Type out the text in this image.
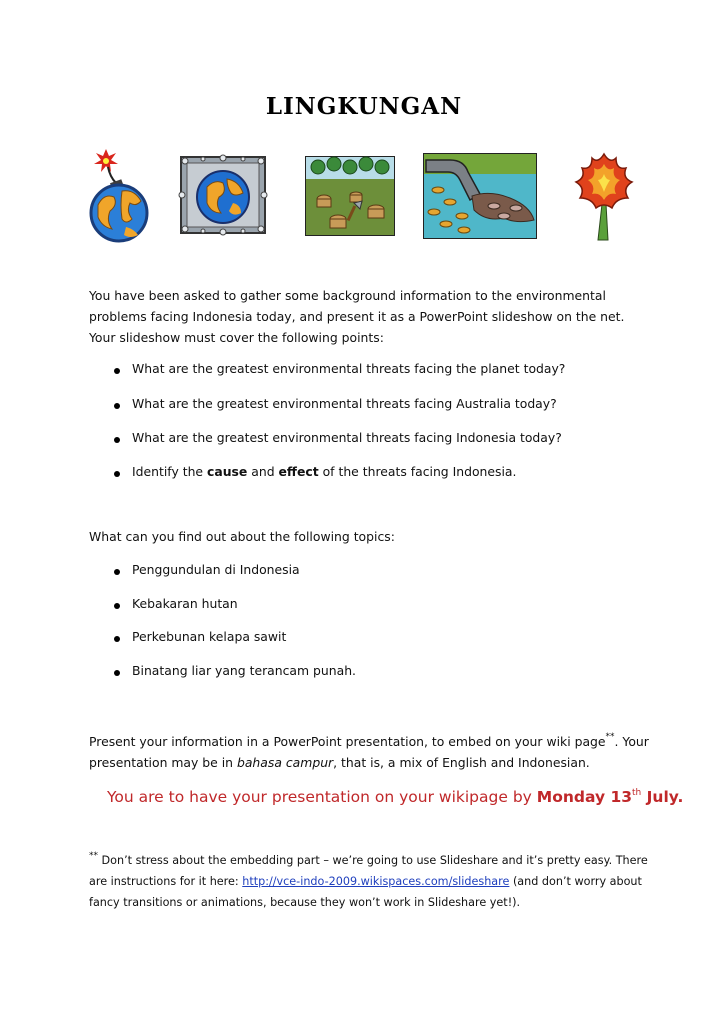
LINGKUNGAN
You have been asked to gather some background information to the environmental problems facing Indonesia today, and present it as a PowerPoint slideshow on the net. Your slideshow must cover the following points:
What are the greatest environmental threats facing the planet today?
What are the greatest environmental threats facing Australia today?
What are the greatest environmental threats facing Indonesia today?
Identify the cause and effect of the threats facing Indonesia.
What can you find out about the following topics:
Penggundulan di Indonesia
Kebakaran hutan
Perkebunan kelapa sawit
Binatang liar yang terancam punah.
Present your information in a PowerPoint presentation, to embed on your wiki page**. Your
presentation may be in bahasa campur, that is, a mix of English and Indonesian.
You are to have your presentation on your wikipage by Monday 13th July.
** Don’t stress about the embedding part – we’re going to use Slideshare and it’s pretty easy. There
are instructions for it here: http://vce-indo-2009.wikispaces.com/slideshare (and don’t worry about
fancy transitions or animations, because they won’t work in Slideshare yet!).
